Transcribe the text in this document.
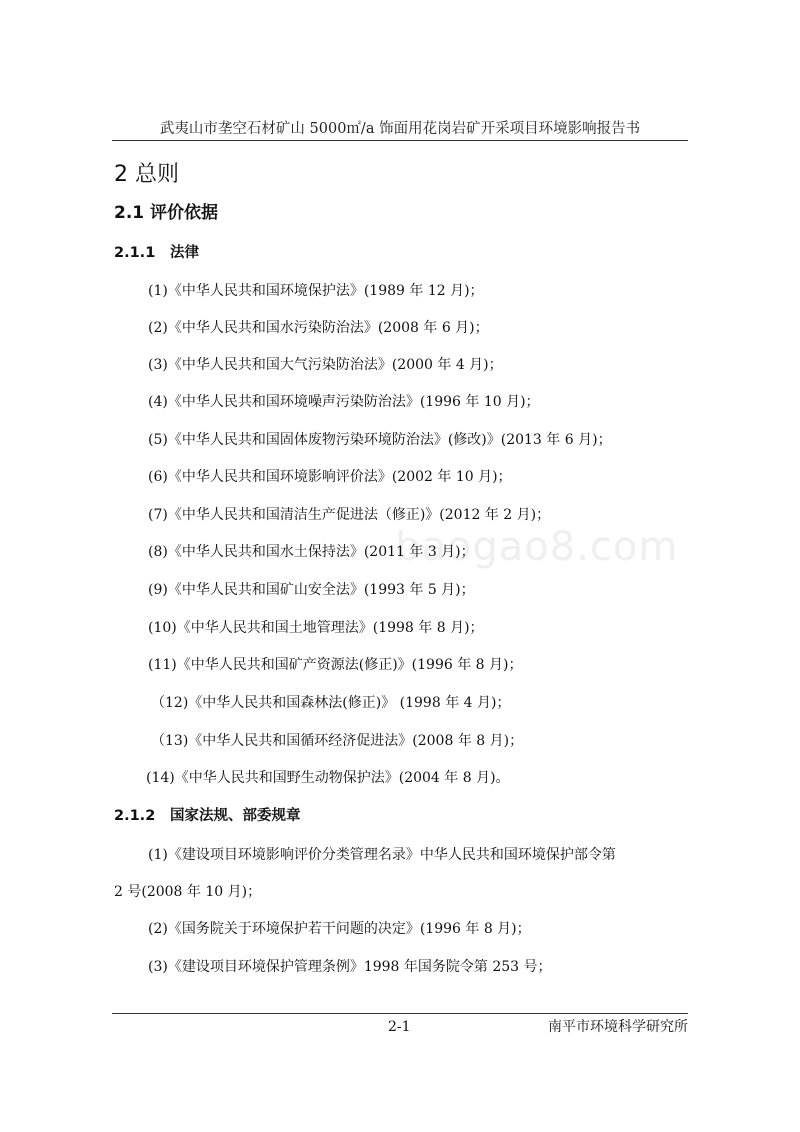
武夷山市垄空石材矿山 5000㎡/a 饰面用花岗岩矿开采项目环境影响报告书
baogao8.com
2 总则
2.1 评价依据
2.1.1 法律
(1)《中华人民共和国环境保护法》(1989 年 12 月)；
(2)《中华人民共和国水污染防治法》(2008 年 6 月)；
(3)《中华人民共和国大气污染防治法》(2000 年 4 月)；
(4)《中华人民共和国环境噪声污染防治法》(1996 年 10 月)；
(5)《中华人民共和国固体废物污染环境防治法》(修改)》(2013 年 6 月)；
(6)《中华人民共和国环境影响评价法》(2002 年 10 月)；
(7)《中华人民共和国清洁生产促进法（修正)》(2012 年 2 月)；
(8)《中华人民共和国水土保持法》(2011 年 3 月)；
(9)《中华人民共和国矿山安全法》(1993 年 5 月)；
(10)《中华人民共和国土地管理法》(1998 年 8 月)；
(11)《中华人民共和国矿产资源法(修正)》(1996 年 8 月)；
（12)《中华人民共和国森林法(修正)》 (1998 年 4 月)；
（13)《中华人民共和国循环经济促进法》(2008 年 8 月)；
(14)《中华人民共和国野生动物保护法》(2004 年 8 月)。
2.1.2 国家法规、部委规章
(1)《建设项目环境影响评价分类管理名录》中华人民共和国环境保护部令第
2 号(2008 年 10 月)；
(2)《国务院关于环境保护若干问题的决定》(1996 年 8 月)；
(3)《建设项目环境保护管理条例》1998 年国务院令第 253 号；
2-1	南平市环境科学研究所
